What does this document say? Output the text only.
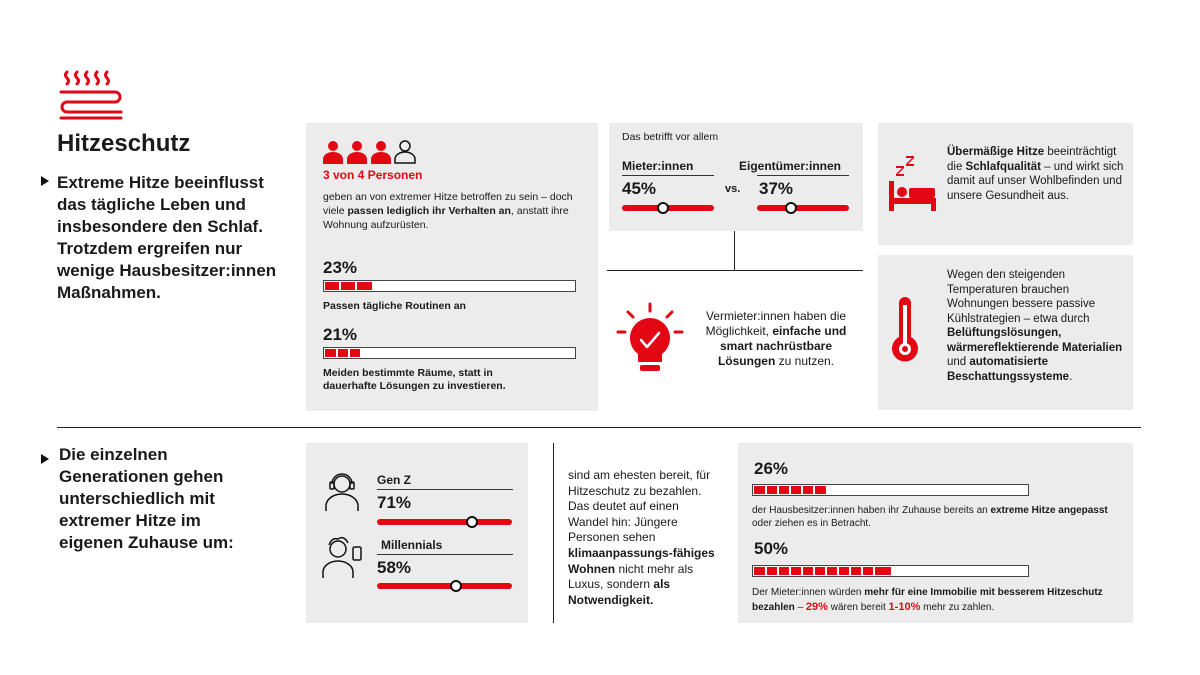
Hitzeschutz
Extreme Hitze beeinflusst
das tägliche Leben und
insbesondere den Schlaf.
Trotzdem ergreifen nur
wenige Hausbesitzer:innen
Maßnahmen.
3 von 4 Personen
geben an von extremer Hitze betroffen zu sein – doch viele passen lediglich ihr Verhalten an, anstatt ihre Wohnung aufzurüsten.
23%
Passen tägliche Routinen an
21%
Meiden bestimmte Räume, statt in dauerhafte Lösungen zu investieren.
Das betrifft vor allem
Mieter:innen
45%	vs.
Eigentümer:innen
37%
Vermieter:innen haben die Möglichkeit, einfache und smart nachrüstbare Lösungen zu nutzen.
Übermäßige Hitze beeinträchtigt die Schlafqualität – und wirkt sich damit auf unser Wohlbefinden und unsere Gesundheit aus.
Wegen den steigenden Temperaturen brauchen Wohnungen bessere passive Kühlstrategien – etwa durch Belüftungslösungen, wärmereflektierende Materialien und automatisierte Beschattungssysteme.
Die einzelnen
Generationen gehen
unterschiedlich mit
extremer Hitze im
eigenen Zuhause um:
Gen Z
71%
Millennials
58%
sind am ehesten bereit, für Hitzeschutz zu bezahlen. Das deutet auf einen Wandel hin: Jüngere Personen sehen klimaanpassungs-fähiges Wohnen nicht mehr als Luxus, sondern als Notwendigkeit.
26%
der Hausbesitzer:innen haben ihr Zuhause bereits an extreme Hitze angepasst oder ziehen es in Betracht.
50%
Der Mieter:innen würden mehr für eine Immobilie mit besserem Hitzeschutz bezahlen – 29% wären bereit 1-10% mehr zu zahlen.
